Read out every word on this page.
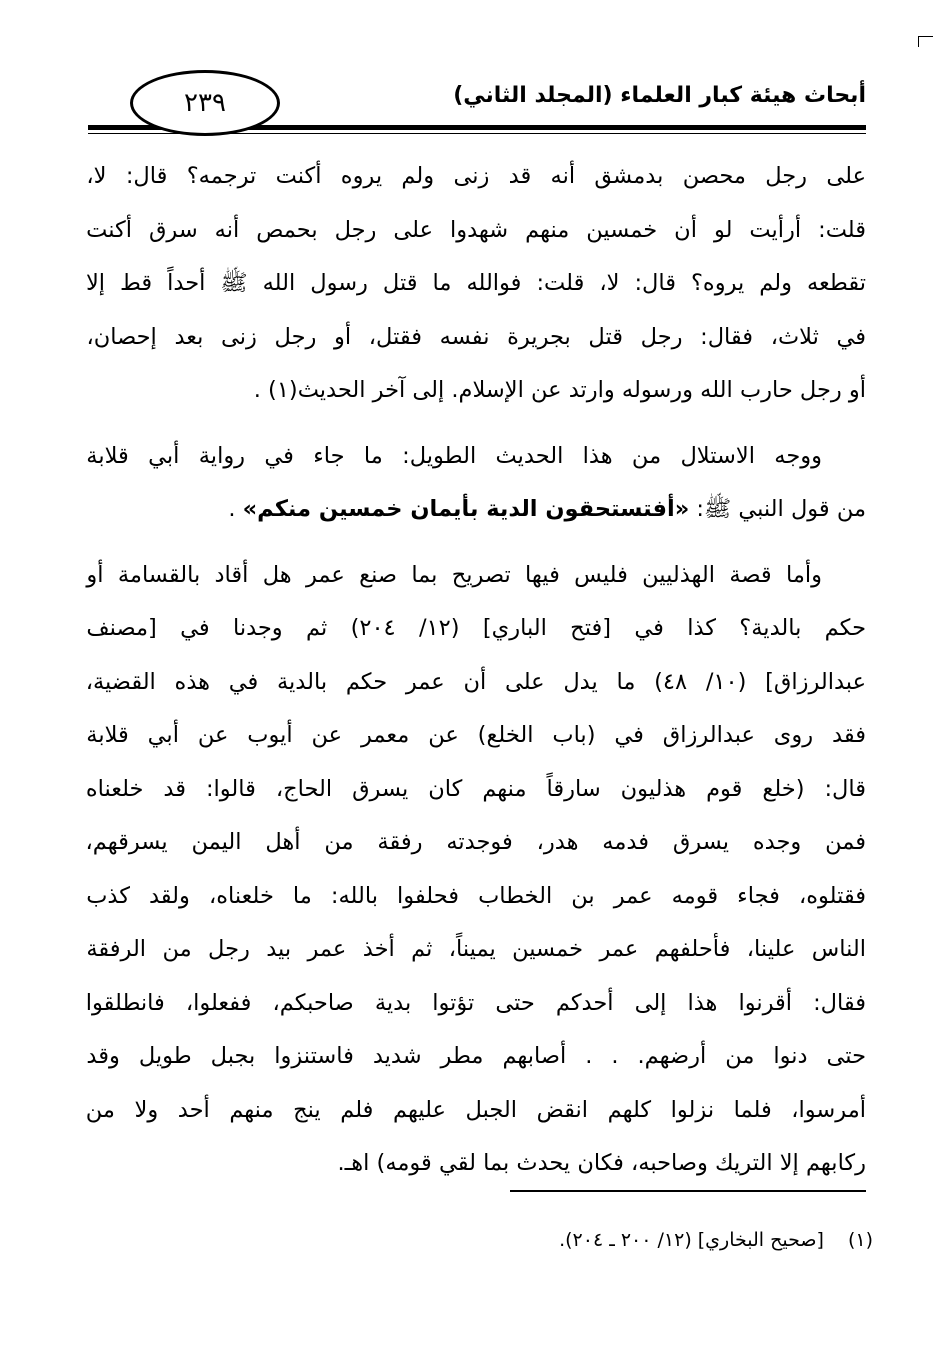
أبحاث هيئة كبار العلماء (المجلد الثاني)
٢٣٩
على رجل محصن بدمشق أنه قد زنى ولم يروه أكنت ترجمه؟ قال: لا،
قلت: أرأيت لو أن خمسين منهم شهدوا على رجل بحمص أنه سرق أكنت
تقطعه ولم يروه؟ قال: لا، قلت: فوالله ما قتل رسول الله ﷺ أحداً قط إلا
في ثلاث، فقال: رجل قتل بجريرة نفسه فقتل، أو رجل زنى بعد إحصان،
أو رجل حارب الله ورسوله وارتد عن الإسلام. إلى آخر الحديث(١) .
ووجه الاستلال من هذا الحديث الطويل: ما جاء في رواية أبي قلابة
من قول النبي ﷺ: «أفتستحقون الدية بأيمان خمسين منكم» .
وأما قصة الهذليين فليس فيها تصريح بما صنع عمر هل أقاد بالقسامة أو
حكم بالدية؟ كذا في [فتح الباري] (١٢/ ٢٠٤) ثم وجدنا في [مصنف
عبدالرزاق] (١٠/ ٤٨) ما يدل على أن عمر حكم بالدية في هذه القضية،
فقد روى عبدالرزاق في (باب الخلع) عن معمر عن أيوب عن أبي قلابة
قال: (خلع قوم هذليون سارقاً منهم كان يسرق الحاج، قالوا: قد خلعناه
فمن وجده يسرق فدمه هدر، فوجدته رفقة من أهل اليمن يسرقهم،
فقتلوه، فجاء قومه عمر بن الخطاب فحلفوا بالله: ما خلعناه، ولقد كذب
الناس علينا، فأحلفهم عمر خمسين يميناً، ثم أخذ عمر بيد رجل من الرفقة
فقال: أقرنوا هذا إلى أحدكم حتى تؤتوا بدية صاحبكم، ففعلوا، فانطلقوا
حتى دنوا من أرضهم. . . أصابهم مطر شديد فاستنزوا بجبل طويل وقد
أمرسوا، فلما نزلوا كلهم انقض الجبل عليهم فلم ينج منهم أحد ولا من
ركابهم إلا التريك وصاحبه، فكان يحدث بما لقي قومه) اهـ.
(١)[صحيح البخاري] (١٢/ ٢٠٠ ـ ٢٠٤).
